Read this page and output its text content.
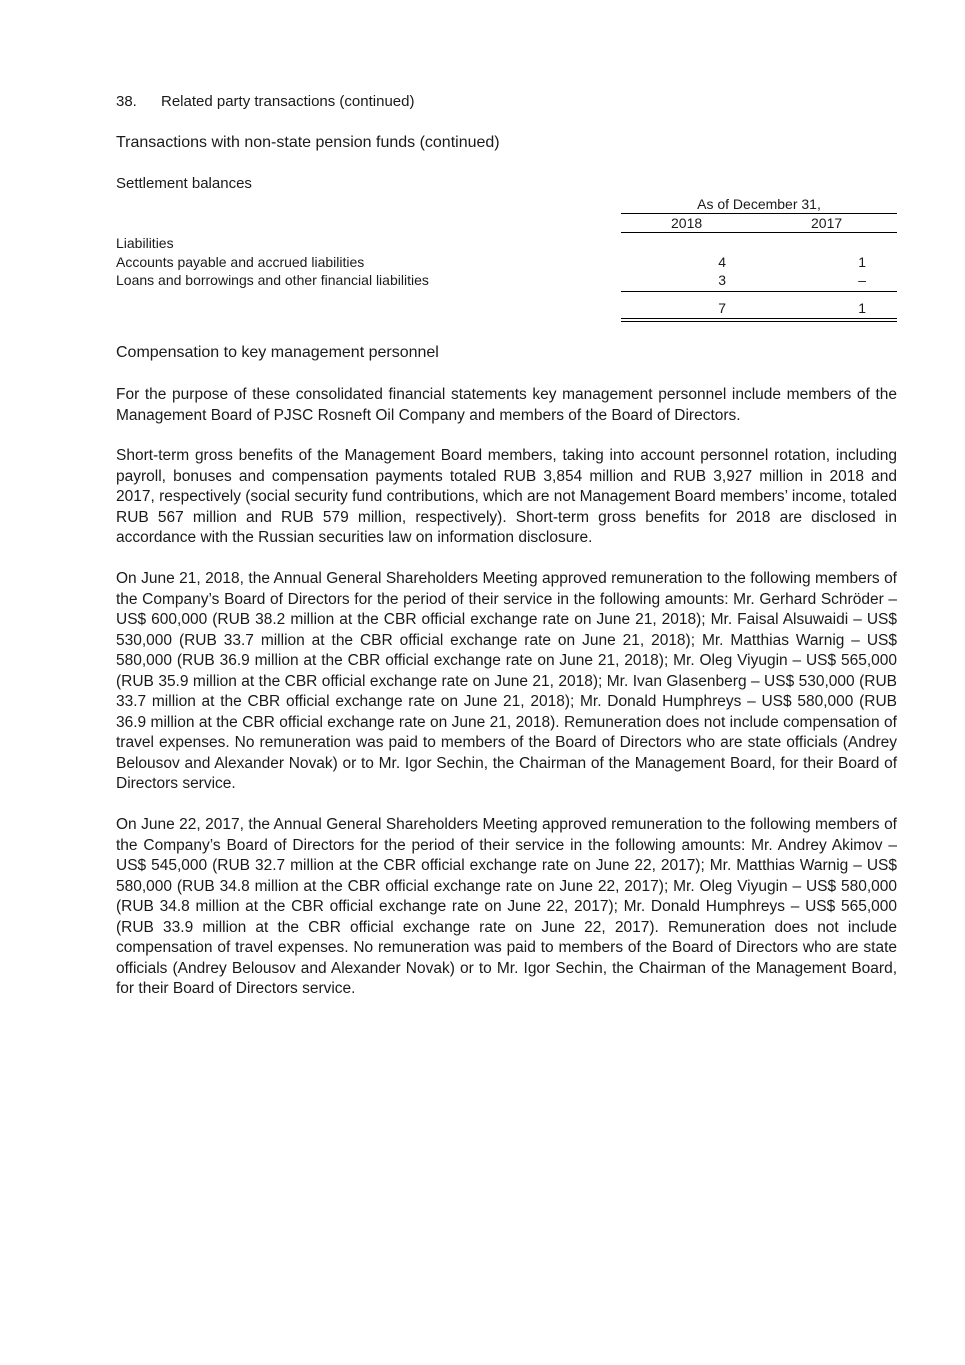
38. Related party transactions (continued)
Transactions with non-state pension funds (continued)
Settlement balances
As of December 31,
2018	2017
Liabilities
Accounts payable and accrued liabilities	4	1
Loans and borrowings and other financial liabilities	3	–
7	1
Compensation to key management personnel

For the purpose of these consolidated financial statements key management personnel include members of the Management Board of PJSC Rosneft Oil Company and members of the Board of Directors.

Short-term gross benefits of the Management Board members, taking into account personnel rotation, including payroll, bonuses and compensation payments totaled RUB 3,854 million and RUB 3,927 million in 2018 and 2017, respectively (social security fund contributions, which are not Management Board members’ income, totaled RUB 567 million and RUB 579 million, respectively). Short-term gross benefits for 2018 are disclosed in accordance with the Russian securities law on information disclosure.

On June 21, 2018, the Annual General Shareholders Meeting approved remuneration to the following members of the Company’s Board of Directors for the period of their service in the following amounts: Mr. Gerhard Schröder – US$ 600,000 (RUB 38.2 million at the CBR official exchange rate on June 21, 2018); Mr. Faisal Alsuwaidi – US$ 530,000 (RUB 33.7 million at the CBR official exchange rate on June 21, 2018); Mr. Matthias Warnig – US$ 580,000 (RUB 36.9 million at the CBR official exchange rate on June 21, 2018); Mr. Oleg Viyugin – US$ 565,000 (RUB 35.9 million at the CBR official exchange rate on June 21, 2018); Mr. Ivan Glasenberg – US$ 530,000 (RUB 33.7 million at the CBR official exchange rate on June 21, 2018); Mr. Donald Humphreys – US$ 580,000 (RUB 36.9 million at the CBR official exchange rate on June 21, 2018). Remuneration does not include compensation of travel expenses. No remuneration was paid to members of the Board of Directors who are state officials (Andrey Belousov and Alexander Novak) or to Mr. Igor Sechin, the Chairman of the Management Board, for their Board of Directors service.

On June 22, 2017, the Annual General Shareholders Meeting approved remuneration to the following members of the Company’s Board of Directors for the period of their service in the following amounts: Mr. Andrey Akimov – US$ 545,000 (RUB 32.7 million at the CBR official exchange rate on June 22, 2017); Mr. Matthias Warnig – US$ 580,000 (RUB 34.8 million at the CBR official exchange rate on June 22, 2017); Mr. Oleg Viyugin – US$ 580,000 (RUB 34.8 million at the CBR official exchange rate on June 22, 2017); Mr. Donald Humphreys – US$ 565,000 (RUB 33.9 million at the CBR official exchange rate on June 22, 2017). Remuneration does not include compensation of travel expenses. No remuneration was paid to members of the Board of Directors who are state officials (Andrey Belousov and Alexander Novak) or to Mr. Igor Sechin, the Chairman of the Management Board, for their Board of Directors service.
